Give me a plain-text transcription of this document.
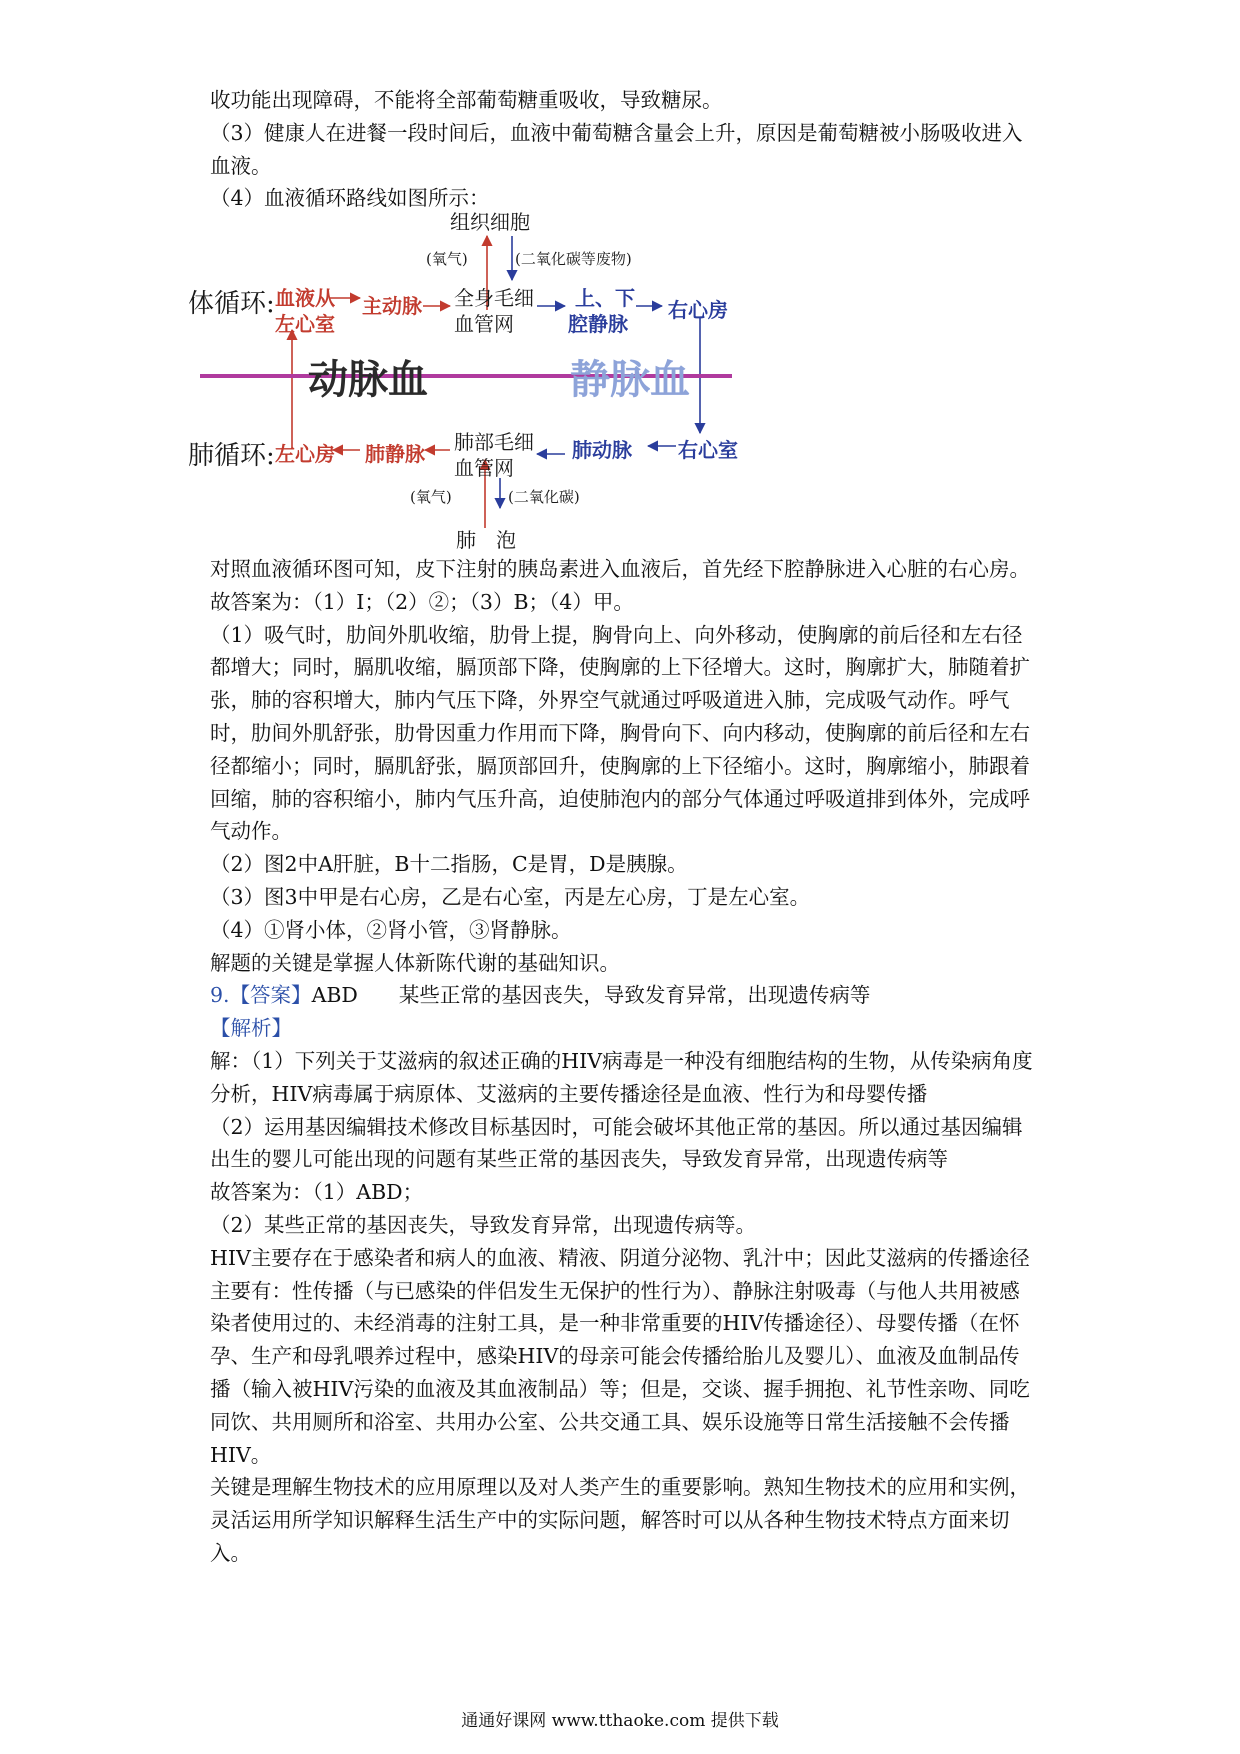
收功能出现障碍，不能将全部葡萄糖重吸收，导致糖尿。

（3）健康人在进餐一段时间后，血液中葡萄糖含量会上升，原因是葡萄糖被小肠吸收进入血液。

（4）血液循环路线如图所示：

组织细胞
(氧气)	(二氧化碳等废物)
体循环: 血液从
左心室
主动脉 全身毛细
血管网
上、下
腔静脉
右心房
动脉血	静脉血
肺循环: 左心房 肺静脉 肺部毛细
血管网
肺动脉 右心室
(氧气)	(二氧化碳)
肺　泡

对照血液循环图可知，皮下注射的胰岛素进入血液后，首先经下腔静脉进入心脏的右心房。

故答案为：（1）Ⅰ；（2）②；（3）B；（4）甲。

（1）吸气时，肋间外肌收缩，肋骨上提，胸骨向上、向外移动，使胸廓的前后径和左右径都增大；同时，膈肌收缩，膈顶部下降，使胸廓的上下径增大。这时，胸廓扩大，肺随着扩张，肺的容积增大，肺内气压下降，外界空气就通过呼吸道进入肺，完成吸气动作。呼气时，肋间外肌舒张，肋骨因重力作用而下降，胸骨向下、向内移动，使胸廓的前后径和左右径都缩小；同时，膈肌舒张，膈顶部回升，使胸廓的上下径缩小。这时，胸廓缩小，肺跟着回缩，肺的容积缩小，肺内气压升高，迫使肺泡内的部分气体通过呼吸道排到体外，完成呼气动作。

（2）图2中A肝脏，B十二指肠，C是胃，D是胰腺。

（3）图3中甲是右心房，乙是右心室，丙是左心房，丁是左心室。

（4）①肾小体，②肾小管，③肾静脉。

解题的关键是掌握人体新陈代谢的基础知识。

9.【答案】ABD　　某些正常的基因丧失，导致发育异常，出现遗传病等

【解析】

解：（1）下列关于艾滋病的叙述正确的HIV病毒是一种没有细胞结构的生物，从传染病角度分析，HIV病毒属于病原体、艾滋病的主要传播途径是血液、性行为和母婴传播

（2）运用基因编辑技术修改目标基因时，可能会破坏其他正常的基因。所以通过基因编辑出生的婴儿可能出现的问题有某些正常的基因丧失，导致发育异常，出现遗传病等

故答案为：（1）ABD；

（2）某些正常的基因丧失，导致发育异常，出现遗传病等。

HIV主要存在于感染者和病人的血液、精液、阴道分泌物、乳汁中；因此艾滋病的传播途径主要有：性传播（与已感染的伴侣发生无保护的性行为）、静脉注射吸毒（与他人共用被感染者使用过的、未经消毒的注射工具，是一种非常重要的HIV传播途径）、母婴传播（在怀孕、生产和母乳喂养过程中，感染HIV的母亲可能会传播给胎儿及婴儿）、血液及血制品传播（输入被HIV污染的血液及其血液制品）等；但是，交谈、握手拥抱、礼节性亲吻、同吃同饮、共用厕所和浴室、共用办公室、公共交通工具、娱乐设施等日常生活接触不会传播HIV。

关键是理解生物技术的应用原理以及对人类产生的重要影响。熟知生物技术的应用和实例，灵活运用所学知识解释生活生产中的实际问题，解答时可以从各种生物技术特点方面来切入。

通通好课网 www.tthaoke.com 提供下载
